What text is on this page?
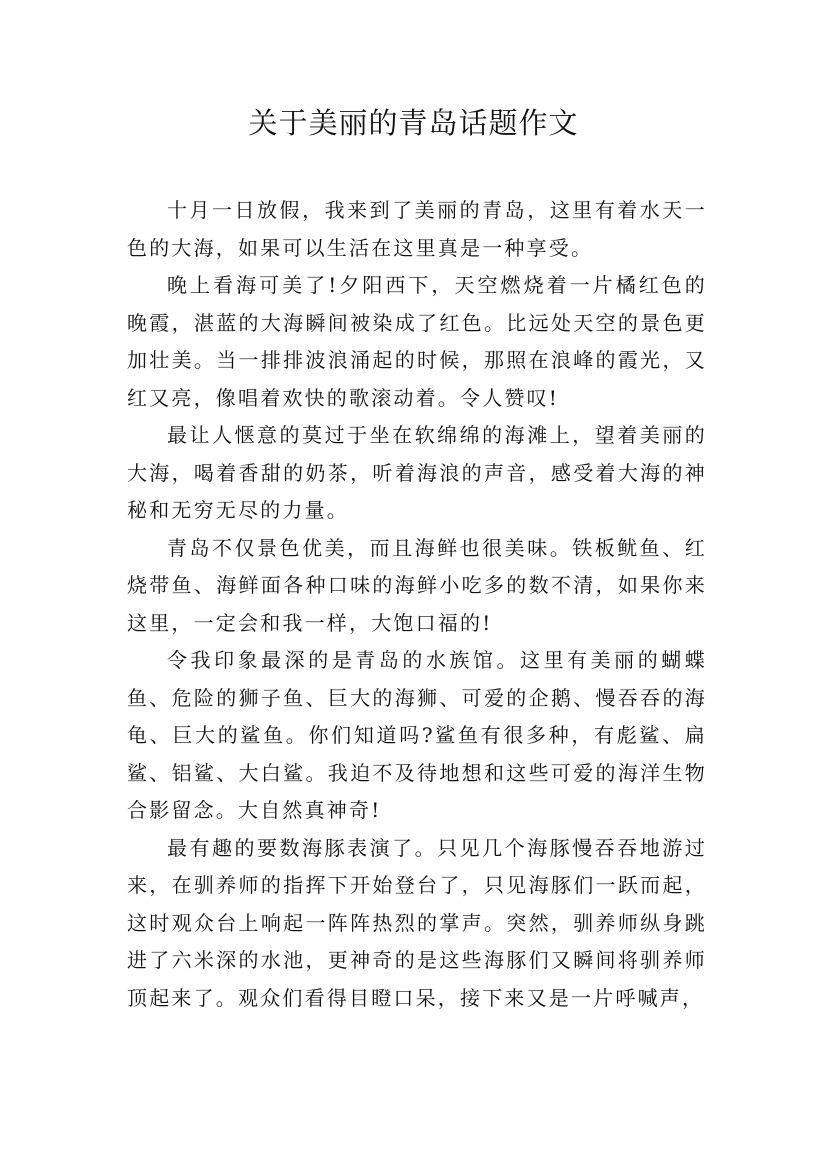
关于美丽的青岛话题作文

十月一日放假，我来到了美丽的青岛，这里有着水天一色的大海，如果可以生活在这里真是一种享受。

晚上看海可美了!夕阳西下，天空燃烧着一片橘红色的晚霞，湛蓝的大海瞬间被染成了红色。比远处天空的景色更加壮美。当一排排波浪涌起的时候，那照在浪峰的霞光，又红又亮，像唱着欢快的歌滚动着。令人赞叹!

最让人惬意的莫过于坐在软绵绵的海滩上，望着美丽的大海，喝着香甜的奶茶，听着海浪的声音，感受着大海的神秘和无穷无尽的力量。

青岛不仅景色优美，而且海鲜也很美味。铁板鱿鱼、红烧带鱼、海鲜面各种口味的海鲜小吃多的数不清，如果你来这里，一定会和我一样，大饱口福的!

令我印象最深的是青岛的水族馆。这里有美丽的蝴蝶鱼、危险的狮子鱼、巨大的海狮、可爱的企鹅、慢吞吞的海龟、巨大的鲨鱼。你们知道吗?鲨鱼有很多种，有彪鲨、扁鲨、铝鲨、大白鲨。我迫不及待地想和这些可爱的海洋生物合影留念。大自然真神奇!

最有趣的要数海豚表演了。只见几个海豚慢吞吞地游过来，在驯养师的指挥下开始登台了，只见海豚们一跃而起，这时观众台上响起一阵阵热烈的掌声。突然，驯养师纵身跳进了六米深的水池，更神奇的是这些海豚们又瞬间将驯养师顶起来了。观众们看得目瞪口呆，接下来又是一片呼喊声，
